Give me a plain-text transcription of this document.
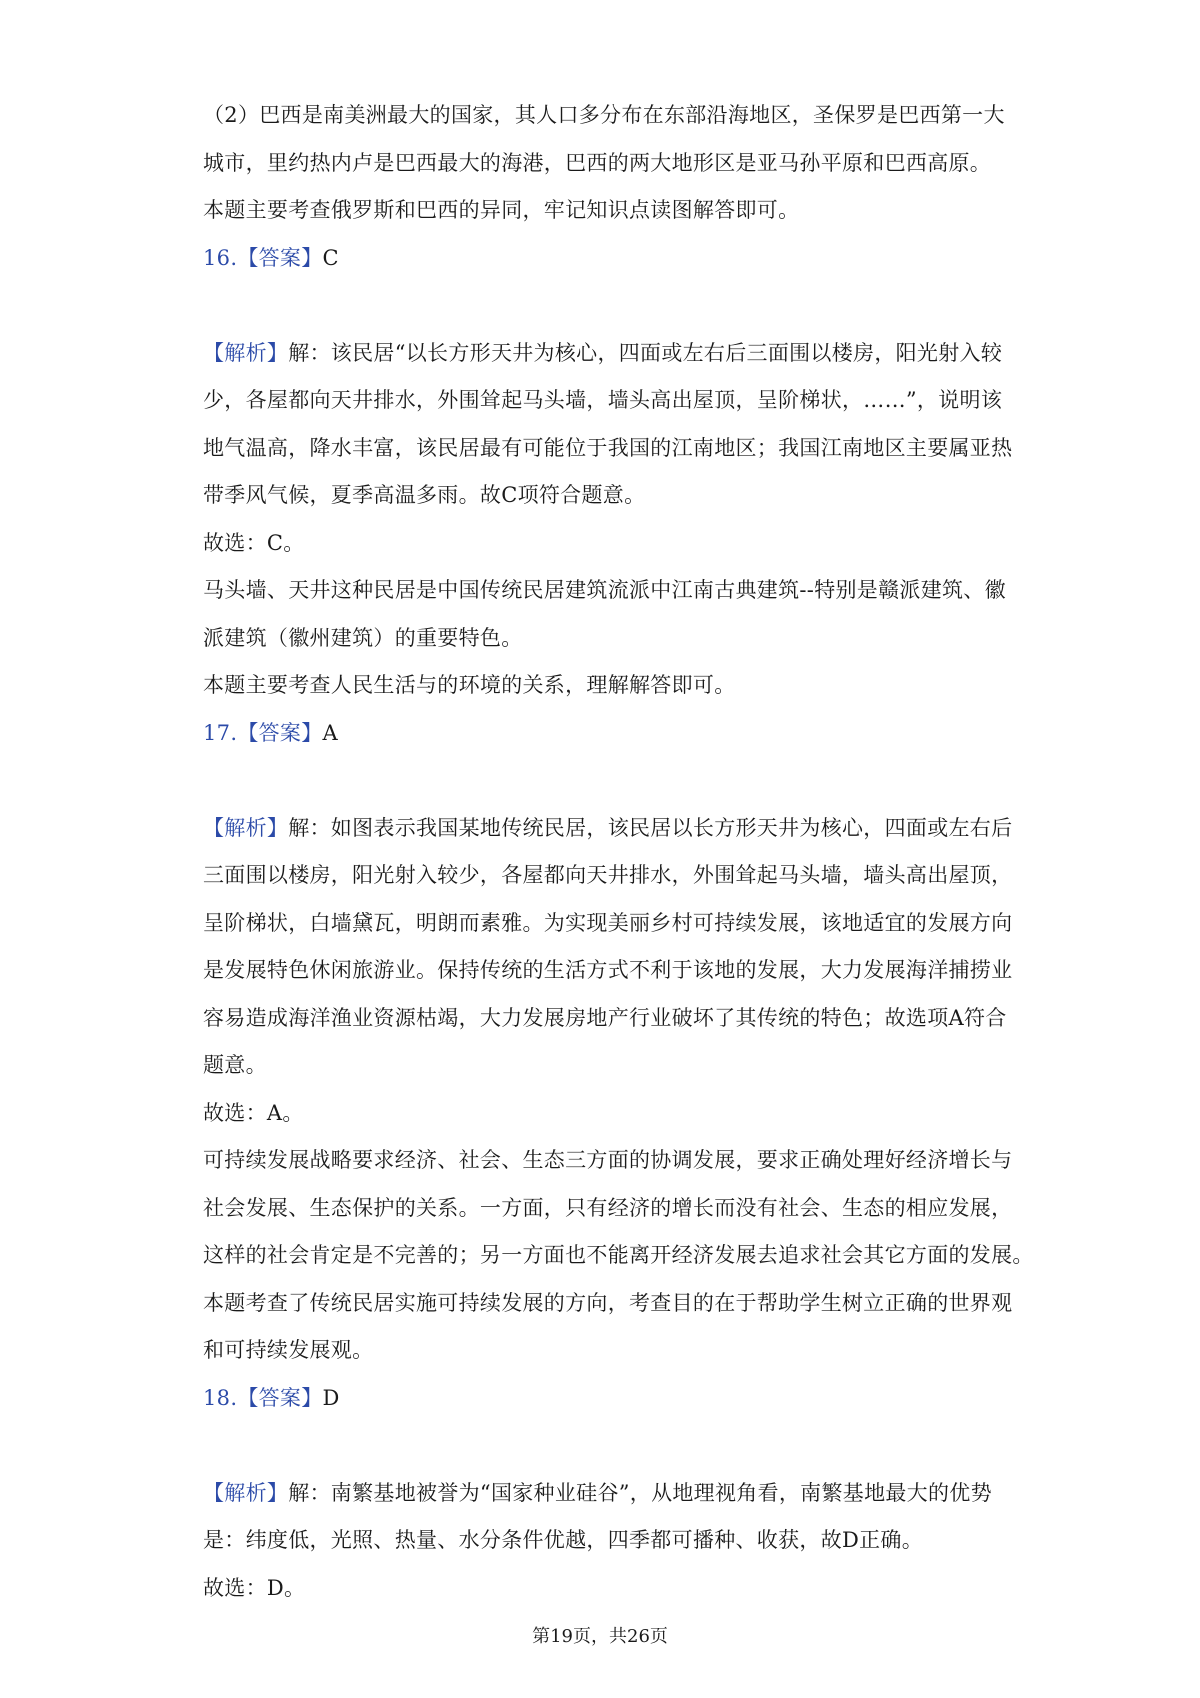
（2）巴西是南美洲最大的国家，其人口多分布在东部沿海地区，圣保罗是巴西第一大
城市，里约热内卢是巴西最大的海港，巴西的两大地形区是亚马孙平原和巴西高原。
本题主要考查俄罗斯和巴西的异同，牢记知识点读图解答即可。
16.【答案】C
【解析】解：该民居“以长方形天井为核心，四面或左右后三面围以楼房，阳光射入较
少，各屋都向天井排水，外围耸起马头墙，墙头高出屋顶，呈阶梯状，……”，说明该
地气温高，降水丰富，该民居最有可能位于我国的江南地区；我国江南地区主要属亚热
带季风气候，夏季高温多雨。故C项符合题意。
故选：C。
马头墙、天井这种民居是中国传统民居建筑流派中江南古典建筑--特别是赣派建筑、徽
派建筑（徽州建筑）的重要特色。
本题主要考查人民生活与的环境的关系，理解解答即可。
17.【答案】A
【解析】解：如图表示我国某地传统民居，该民居以长方形天井为核心，四面或左右后
三面围以楼房，阳光射入较少，各屋都向天井排水，外围耸起马头墙，墙头高出屋顶，
呈阶梯状，白墙黛瓦，明朗而素雅。为实现美丽乡村可持续发展，该地适宜的发展方向
是发展特色休闲旅游业。保持传统的生活方式不利于该地的发展，大力发展海洋捕捞业
容易造成海洋渔业资源枯竭，大力发展房地产行业破坏了其传统的特色；故选项A符合
题意。
故选：A。
可持续发展战略要求经济、社会、生态三方面的协调发展，要求正确处理好经济增长与
社会发展、生态保护的关系。一方面，只有经济的增长而没有社会、生态的相应发展，
这样的社会肯定是不完善的；另一方面也不能离开经济发展去追求社会其它方面的发展。
本题考查了传统民居实施可持续发展的方向，考查目的在于帮助学生树立正确的世界观
和可持续发展观。
18.【答案】D
【解析】解：南繁基地被誉为“国家种业硅谷”，从地理视角看，南繁基地最大的优势
是：纬度低，光照、热量、水分条件优越，四季都可播种、收获，故D正确。
故选：D。
第19页，共26页
